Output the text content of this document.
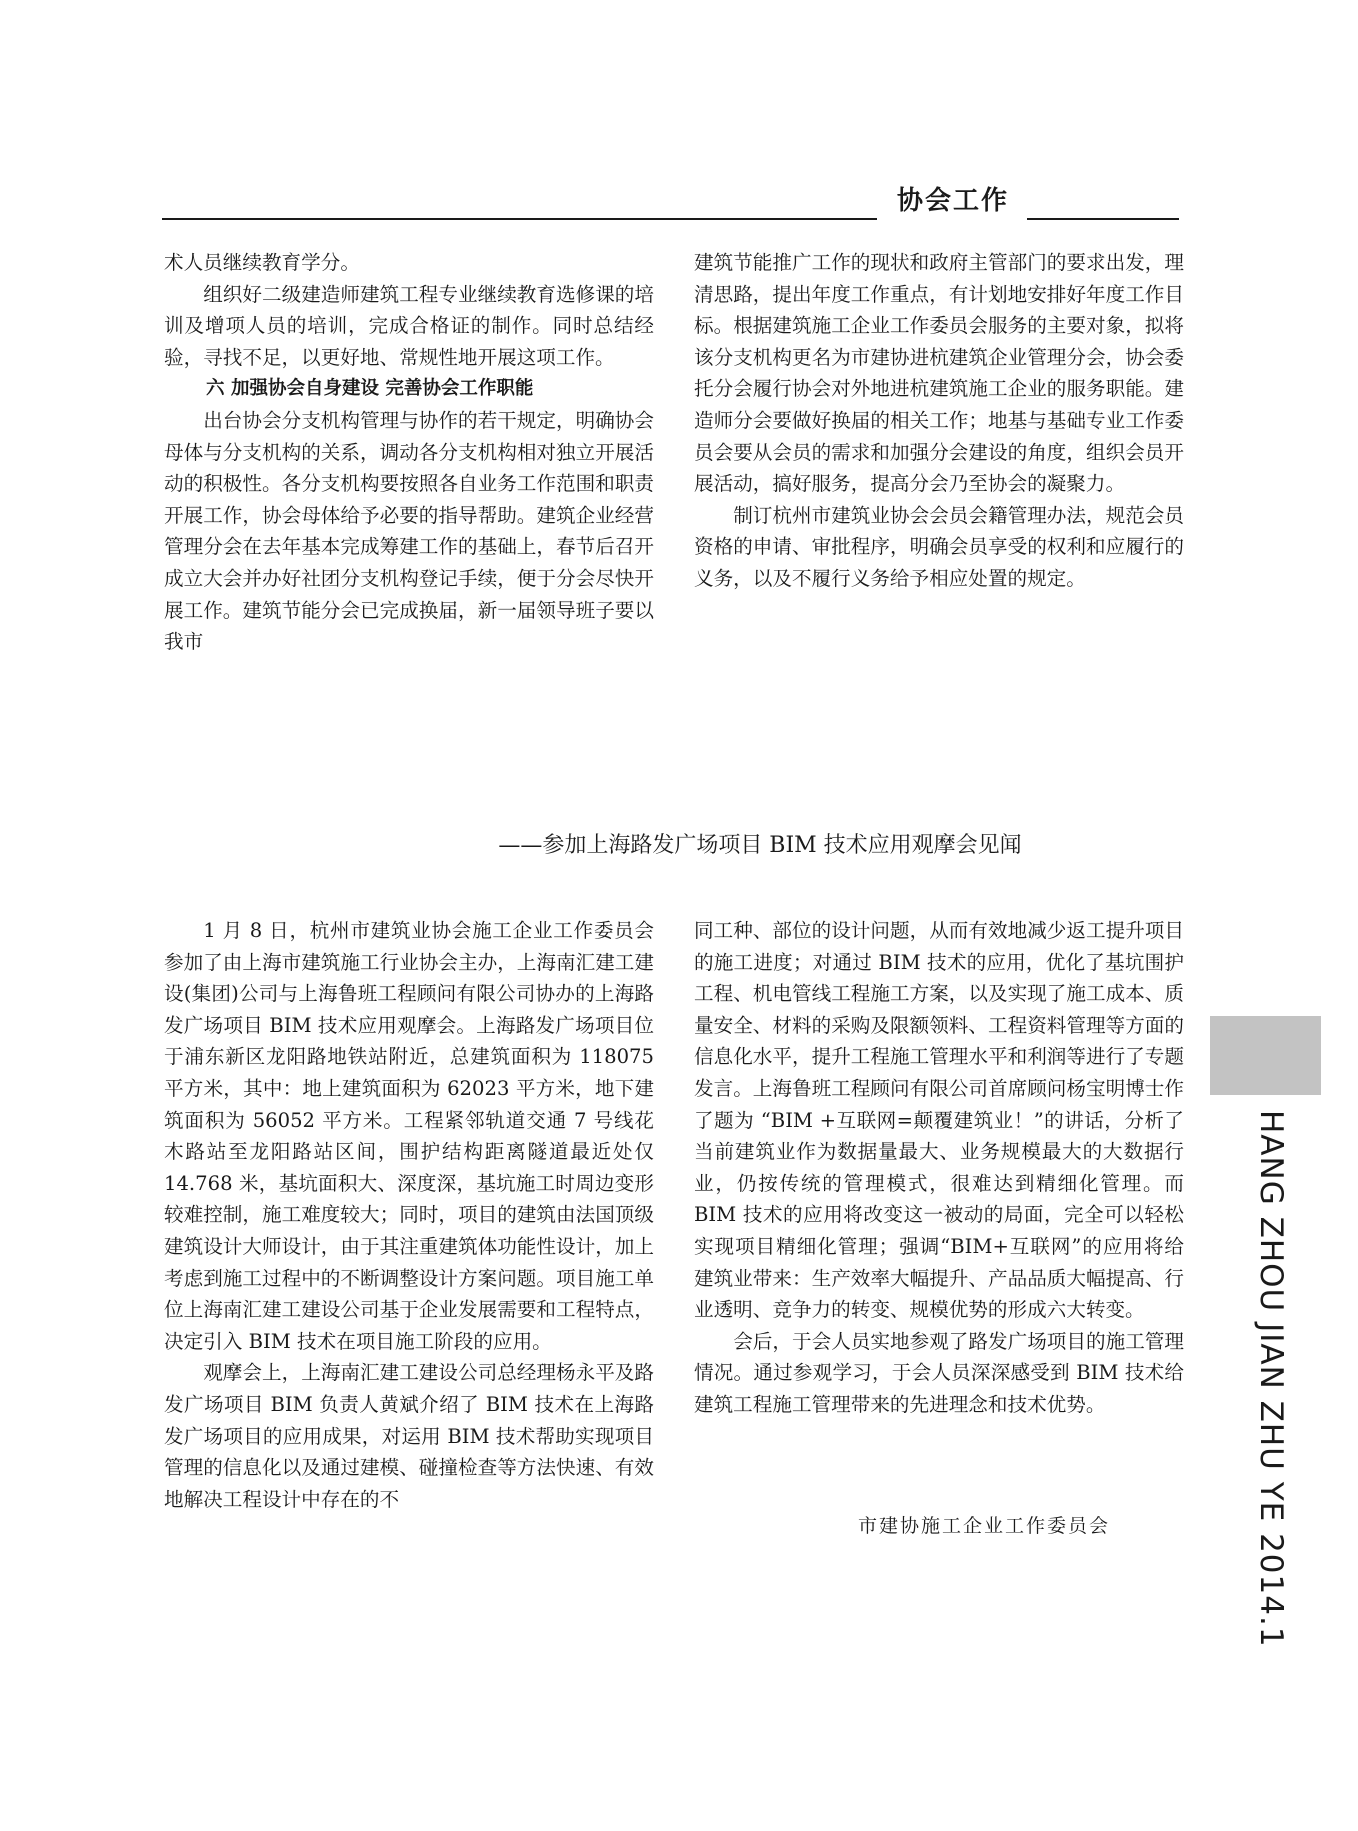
协会工作

术人员继续教育学分。

组织好二级建造师建筑工程专业继续教育选修课的培训及增项人员的培训，完成合格证的制作。同时总结经验，寻找不足，以更好地、常规性地开展这项工作。

六 加强协会自身建设 完善协会工作职能

出台协会分支机构管理与协作的若干规定，明确协会母体与分支机构的关系，调动各分支机构相对独立开展活动的积极性。各分支机构要按照各自业务工作范围和职责开展工作，协会母体给予必要的指导帮助。建筑企业经营管理分会在去年基本完成筹建工作的基础上，春节后召开成立大会并办好社团分支机构登记手续，便于分会尽快开展工作。建筑节能分会已完成换届，新一届领导班子要以我市

建筑节能推广工作的现状和政府主管部门的要求出发，理清思路，提出年度工作重点，有计划地安排好年度工作目标。根据建筑施工企业工作委员会服务的主要对象，拟将该分支机构更名为市建协进杭建筑企业管理分会，协会委托分会履行协会对外地进杭建筑施工企业的服务职能。建造师分会要做好换届的相关工作；地基与基础专业工作委员会要从会员的需求和加强分会建设的角度，组织会员开展活动，搞好服务，提高分会乃至协会的凝聚力。

制订杭州市建筑业协会会员会籍管理办法，规范会员资格的申请、审批程序，明确会员享受的权利和应履行的义务，以及不履行义务给予相应处置的规定。

——参加上海路发广场项目 BIM 技术应用观摩会见闻

1 月 8 日，杭州市建筑业协会施工企业工作委员会参加了由上海市建筑施工行业协会主办，上海南汇建工建设(集团)公司与上海鲁班工程顾问有限公司协办的上海路发广场项目 BIM 技术应用观摩会。上海路发广场项目位于浦东新区龙阳路地铁站附近，总建筑面积为 118075 平方米，其中：地上建筑面积为 62023 平方米，地下建筑面积为 56052 平方米。工程紧邻轨道交通 7 号线花木路站至龙阳路站区间，围护结构距离隧道最近处仅 14.768 米，基坑面积大、深度深，基坑施工时周边变形较难控制，施工难度较大；同时，项目的建筑由法国顶级建筑设计大师设计，由于其注重建筑体功能性设计，加上考虑到施工过程中的不断调整设计方案问题。项目施工单位上海南汇建工建设公司基于企业发展需要和工程特点，决定引入 BIM 技术在项目施工阶段的应用。

观摩会上，上海南汇建工建设公司总经理杨永平及路发广场项目 BIM 负责人黄斌介绍了 BIM 技术在上海路发广场项目的应用成果，对运用 BIM 技术帮助实现项目管理的信息化以及通过建模、碰撞检查等方法快速、有效地解决工程设计中存在的不

同工种、部位的设计问题，从而有效地减少返工提升项目的施工进度；对通过 BIM 技术的应用，优化了基坑围护工程、机电管线工程施工方案，以及实现了施工成本、质量安全、材料的采购及限额领料、工程资料管理等方面的信息化水平，提升工程施工管理水平和利润等进行了专题发言。上海鲁班工程顾问有限公司首席顾问杨宝明博士作了题为 “BIM +互联网=颠覆建筑业！”的讲话，分析了当前建筑业作为数据量最大、业务规模最大的大数据行业，仍按传统的管理模式，很难达到精细化管理。而 BIM 技术的应用将改变这一被动的局面，完全可以轻松实现项目精细化管理；强调“BIM+互联网”的应用将给建筑业带来：生产效率大幅提升、产品品质大幅提高、行业透明、竞争力的转变、规模优势的形成六大转变。

会后，于会人员实地参观了路发广场项目的施工管理情况。通过参观学习，于会人员深深感受到 BIM 技术给建筑工程施工管理带来的先进理念和技术优势。

市建协施工企业工作委员会	HANG ZHOU JIAN ZHU YE 2014.1
